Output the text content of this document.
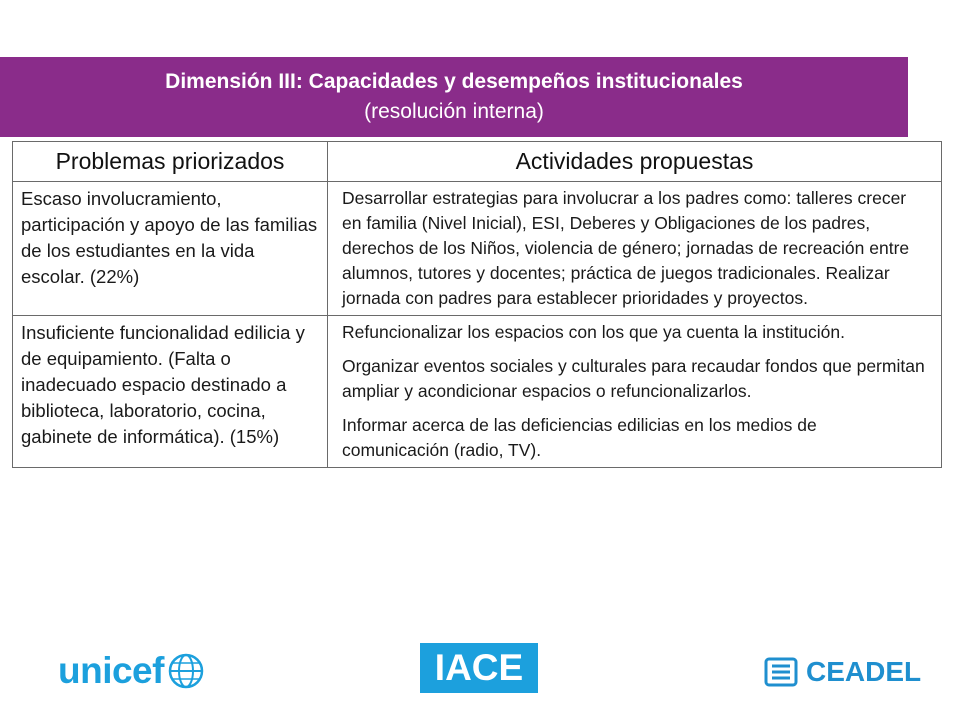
Dimensión III: Capacidades y desempeños institucionales
(resolución interna)
Problemas priorizados	Actividades propuestas
Escaso involucramiento, participación y apoyo de las familias de los estudiantes en la vida escolar. (22%)	Desarrollar estrategias para involucrar a los padres como: talleres crecer en familia (Nivel Inicial), ESI, Deberes y Obligaciones de los padres, derechos de los Niños, violencia de género; jornadas de recreación entre alumnos, tutores y docentes; práctica de juegos tradicionales. Realizar jornada con padres para establecer prioridades y proyectos.

Insuficiente funcionalidad edilicia y de equipamiento. (Falta o inadecuado espacio destinado a biblioteca, laboratorio, cocina, gabinete de informática). (15%)	Refuncionalizar los espacios con los que ya cuenta la institución.

Organizar eventos sociales y culturales para recaudar fondos que permitan ampliar y acondicionar espacios o refuncionalizarlos.

Informar acerca de las deficiencias edilicias en los medios de comunicación (radio, TV).

unicef	IACE	CEADEL
